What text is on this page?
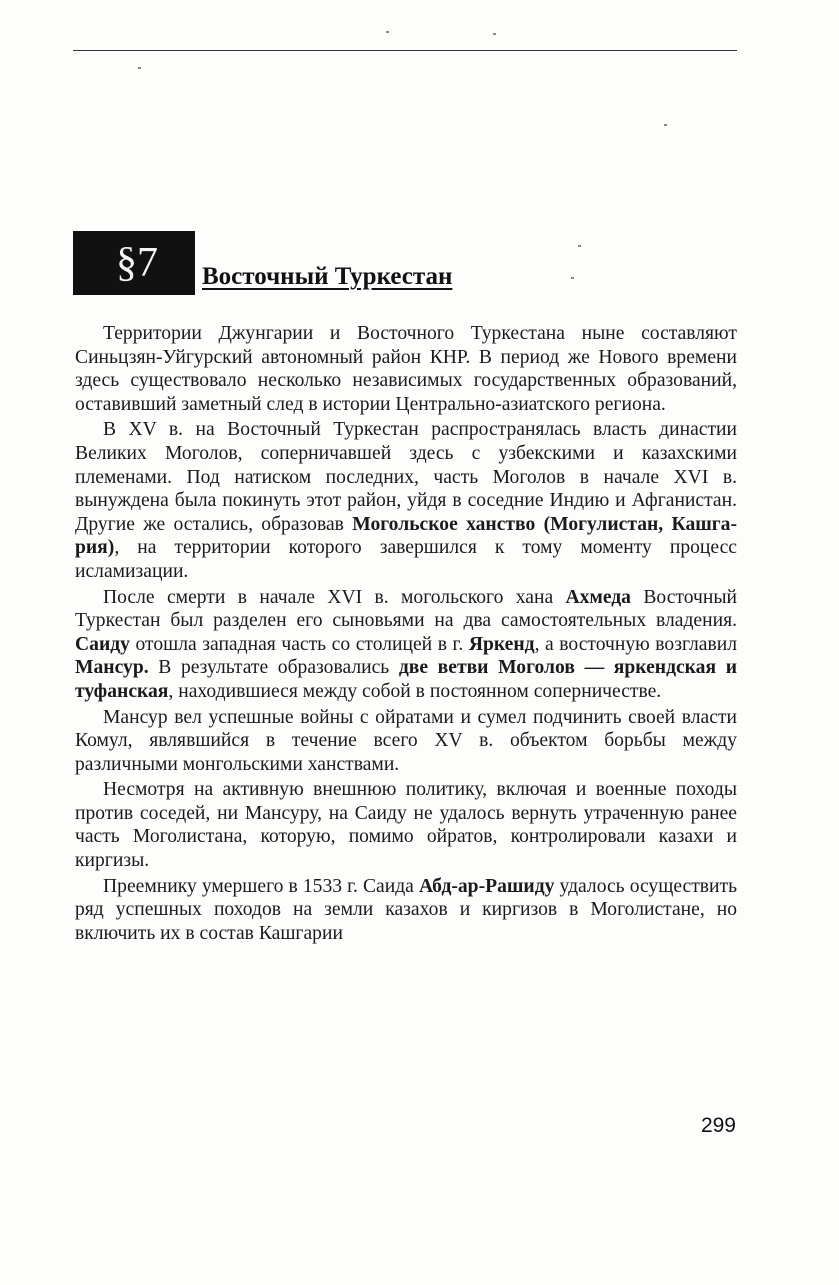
§7	Восточный Туркестан

Территории Джунгарии и Восточного Туркестана ныне составляют Синьцзян-Уйгурский автономный район КНР. В период же Нового времени здесь существовало несколько независимых государственных образований, оставивший заметный след в истории Центрально-азиатского региона.

В XV в. на Восточный Туркестан распространялась власть династии Великих Моголов, соперничавшей здесь с узбекскими и казахскими племенами. Под натиском последних, часть Моголов в начале XVI в. вынуждена была покинуть этот район, уйдя в соседние Индию и Афганистан. Другие же остались, образовав Могольское ханство (Могулистан, Кашгария), на территории которого завершился к тому моменту процесс исламизации.

После смерти в начале XVI в. могольского хана Ахмеда Восточный Туркестан был разделен его сыновьями на два самостоятельных владения. Саиду отошла западная часть со столицей в г. Яркенд, а восточную возглавил Мансур. В результате образовались две ветви Моголов — яркендская и туфанская, находившиеся между собой в постоянном соперничестве.

Мансур вел успешные войны с ойратами и сумел подчинить своей власти Комул, являвшийся в течение всего XV в. объектом борьбы между различными монгольскими ханствами.

Несмотря на активную внешнюю политику, включая и военные походы против соседей, ни Мансуру, на Саиду не удалось вернуть утраченную ранее часть Моголистана, которую, помимо ойратов, контролировали казахи и киргизы.

Преемнику умершего в 1533 г. Саида Абд-ар-Рашиду удалось осуществить ряд успешных походов на земли казахов и киргизов в Моголистане, но включить их в состав Кашгарии

299
